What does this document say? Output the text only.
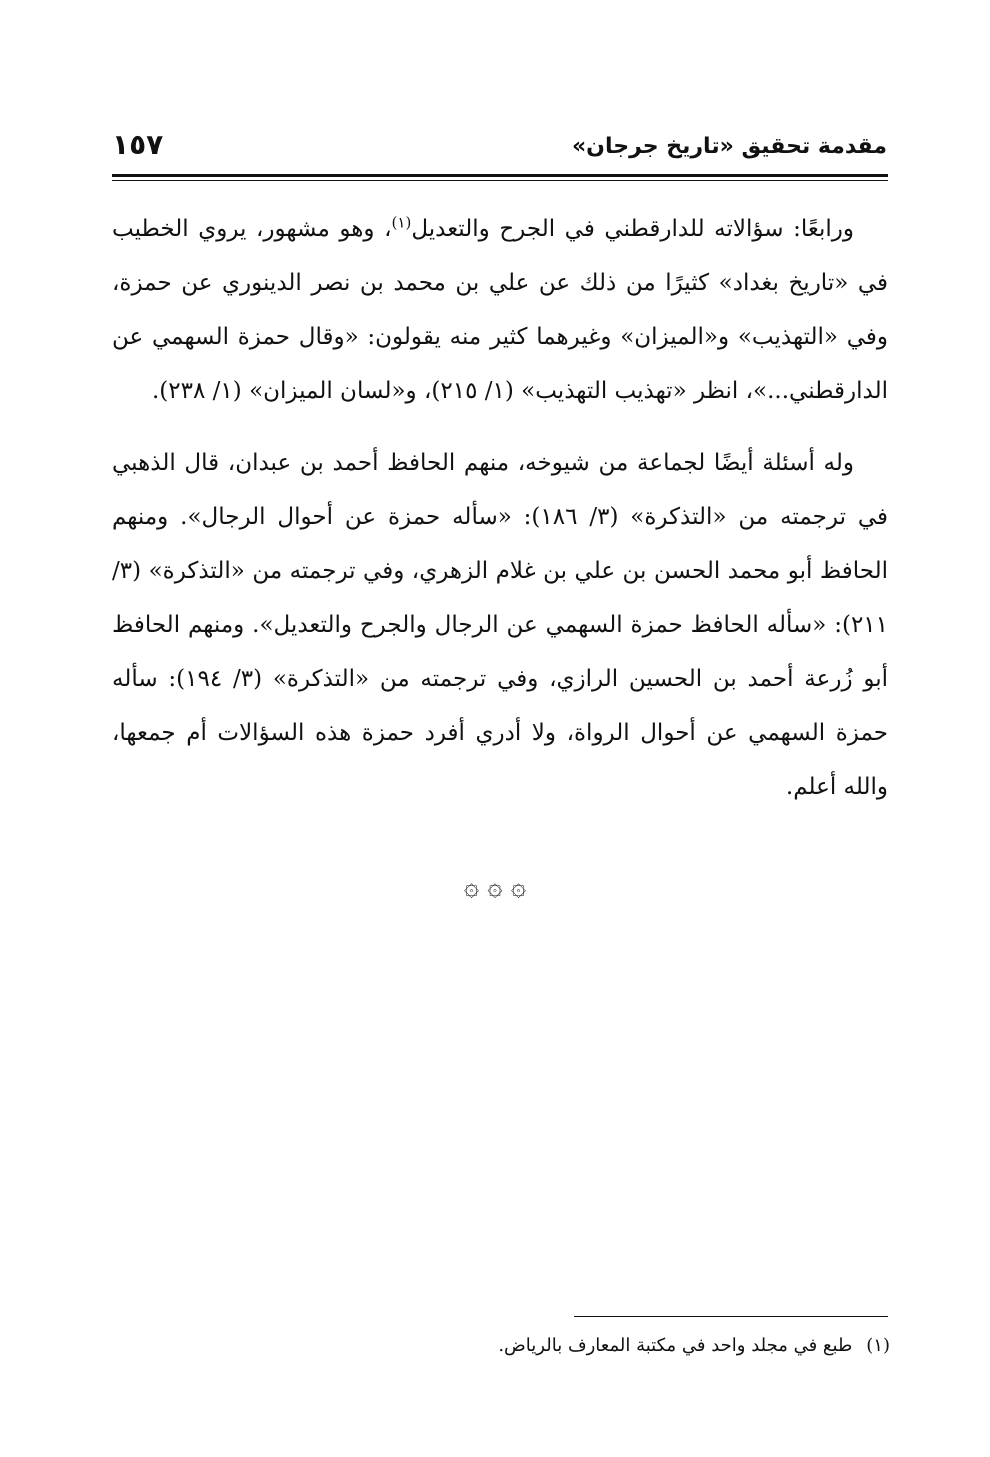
مقدمة تحقيق «تاريخ جرجان»
١٥٧

ورابعًا: سؤالاته للدارقطني في الجرح والتعديل$^{(١)}$، وهو مشهور، يروي الخطيب في «تاريخ بغداد» كثيرًا من ذلك عن علي بن محمد بن نصر الدينوري عن حمزة، وفي «التهذيب» و«الميزان» وغيرهما كثير منه يقولون: «وقال حمزة السهمي عن الدارقطني...»، انظر «تهذيب التهذيب» (١/ ٢١٥)، و«لسان الميزان» (١/ ٢٣٨).

وله أسئلة أيضًا لجماعة من شيوخه، منهم الحافظ أحمد بن عبدان، قال الذهبي في ترجمته من «التذكرة» (٣/ ١٨٦): «سأله حمزة عن أحوال الرجال». ومنهم الحافظ أبو محمد الحسن بن علي بن غلام الزهري، وفي ترجمته من «التذكرة» (٣/ ٢١١): «سأله الحافظ حمزة السهمي عن الرجال والجرح والتعديل». ومنهم الحافظ أبو زُرعة أحمد بن الحسين الرازي، وفي ترجمته من «التذكرة» (٣/ ١٩٤): سأله حمزة السهمي عن أحوال الرواة، ولا أدري أفرد حمزة هذه السؤالات أم جمعها، والله أعلم.

۞ ۞ ۞
(١)طبع في مجلد واحد في مكتبة المعارف بالرياض.
